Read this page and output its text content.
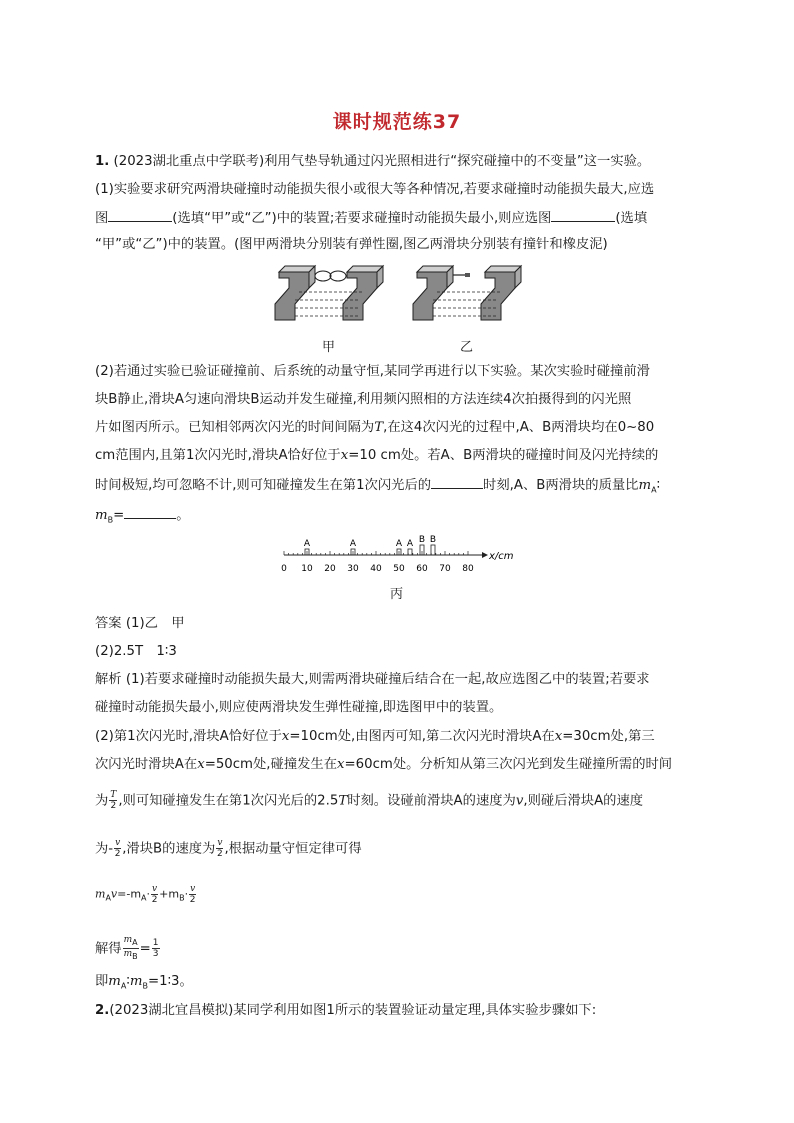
课时规范练37
1. (2023湖北重点中学联考)利用气垫导轨通过闪光照相进行“探究碰撞中的不变量”这一实验。
(1)实验要求研究两滑块碰撞时动能损失很小或很大等各种情况,若要求碰撞时动能损失最大,应选
图	(选填“甲”或“乙”)中的装置;若要求碰撞时动能损失最小,则应选图	(选填
“甲”或“乙”)中的装置。(图甲两滑块分别装有弹性圈,图乙两滑块分别装有撞针和橡皮泥)
甲	乙
(2)若通过实验已验证碰撞前、后系统的动量守恒,某同学再进行以下实验。某次实验时碰撞前滑
块B静止,滑块A匀速向滑块B运动并发生碰撞,利用频闪照相的方法连续4次拍摄得到的闪光照
片如图丙所示。已知相邻两次闪光的时间间隔为T,在这4次闪光的过程中,A、B两滑块均在0~80
cm范围内,且第1次闪光时,滑块A恰好位于x=10 cm处。若A、B两滑块的碰撞时间及闪光持续的
时间极短,均可忽略不计,则可知碰撞发生在第1次闪光后的	时刻,A、B两滑块的质量比$m_A∶$
$m_B=$	。
x/cm
0 10 20 30 40 50 60 70 80
A	A	A A B B
丙
答案 (1)乙　甲
(2)2.5T　1∶3
解析 (1)若要求碰撞时动能损失最大,则需两滑块碰撞后结合在一起,故应选图乙中的装置;若要求
碰撞时动能损失最小,则应使两滑块发生弹性碰撞,即选图甲中的装置。
(2)第1次闪光时,滑块A恰好位于x=10cm处,由图丙可知,第二次闪光时滑块A在x=30cm处,第三
次闪光时滑块A在x=50cm处,碰撞发生在x=60cm处。分析知从第三次闪光到发生碰撞所需的时间
为 $\frac{T}{2}$ ,则可知碰撞发生在第1次闪光后的2.5T时刻。设碰前滑块A的速度为v,则碰后滑块A的速度
为- $\frac{v}{2}$ ,滑块B的速度为 $\frac{v}{2}$ ,根据动量守恒定律可得
$m_Av=-m_A\cdot \frac{v}{2} +m_B\cdot \frac{v}{2}$
解得 $\frac{m_A}{m_B} = \frac{1}{3}$
即$m_A∶m_B=1∶3$。
2.(2023湖北宜昌模拟)某同学利用如图1所示的装置验证动量定理,具体实验步骤如下:
